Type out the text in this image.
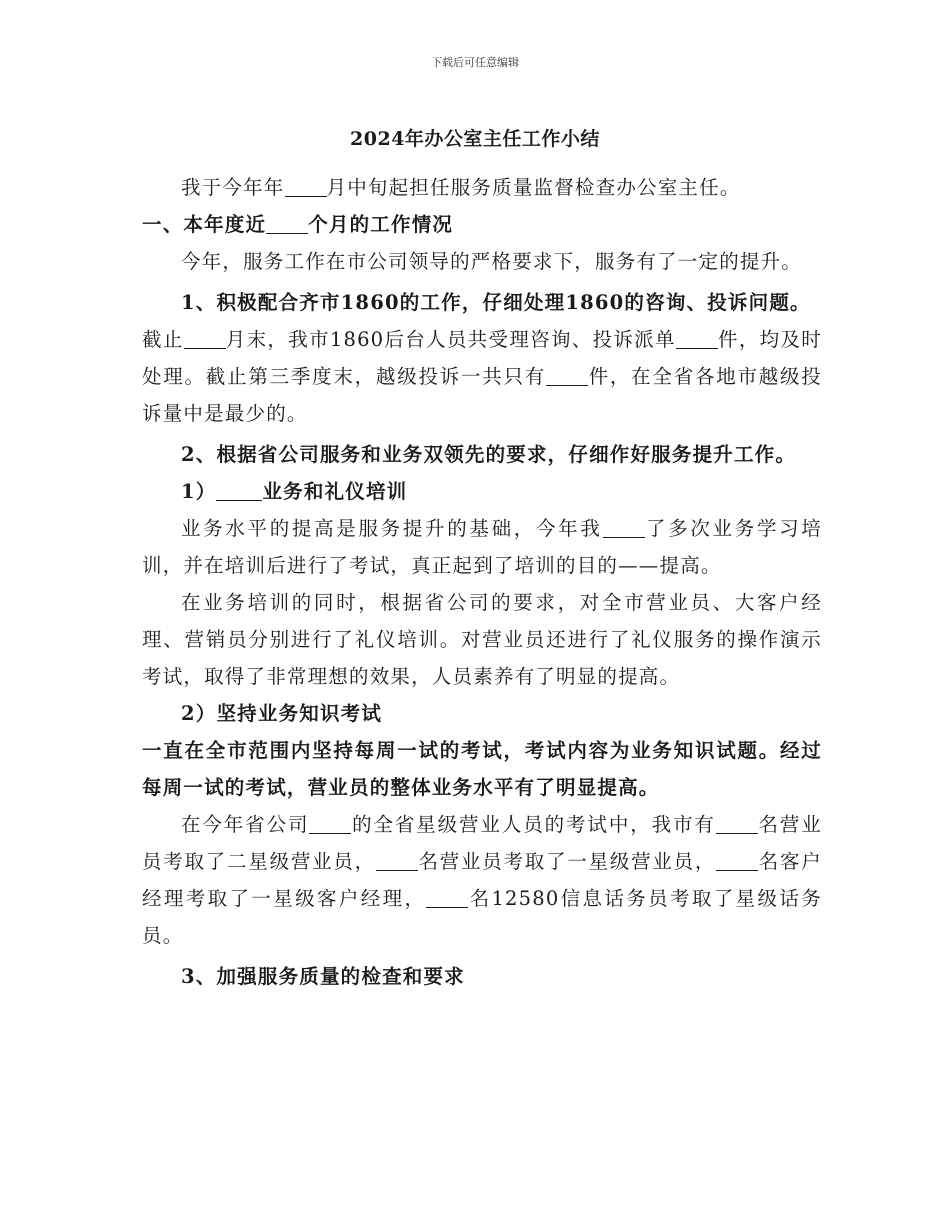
下载后可任意编辑
2024年办公室主任工作小结

我于今年年 月中旬起担任服务质量监督检查办公室主任。

一、本年度近 个月的工作情况

今年，服务工作在市公司领导的严格要求下，服务有了一定的提升。

1、积极配合齐市1860的工作，仔细处理1860的咨询、投诉问题。

截止 月末，我市1860后台人员共受理咨询、投诉派单 件，均及时处理。截止第三季度末，越级投诉一共只有 件，在全省各地市越级投诉量中是最少的。

2、根据省公司服务和业务双领先的要求，仔细作好服务提升工作。

1） 业务和礼仪培训

业务水平的提高是服务提升的基础，今年我 了多次业务学习培训，并在培训后进行了考试，真正起到了培训的目的——提高。

在业务培训的同时，根据省公司的要求，对全市营业员、大客户经理、营销员分别进行了礼仪培训。对营业员还进行了礼仪服务的操作演示考试，取得了非常理想的效果，人员素养有了明显的提高。

2）坚持业务知识考试

一直在全市范围内坚持每周一试的考试，考试内容为业务知识试题。经过每周一试的考试，营业员的整体业务水平有了明显提高。

在今年省公司 的全省星级营业人员的考试中，我市有 名营业员考取了二星级营业员， 名营业员考取了一星级营业员， 名客户经理考取了一星级客户经理， 名12580信息话务员考取了星级话务员。

3、加强服务质量的检查和要求
